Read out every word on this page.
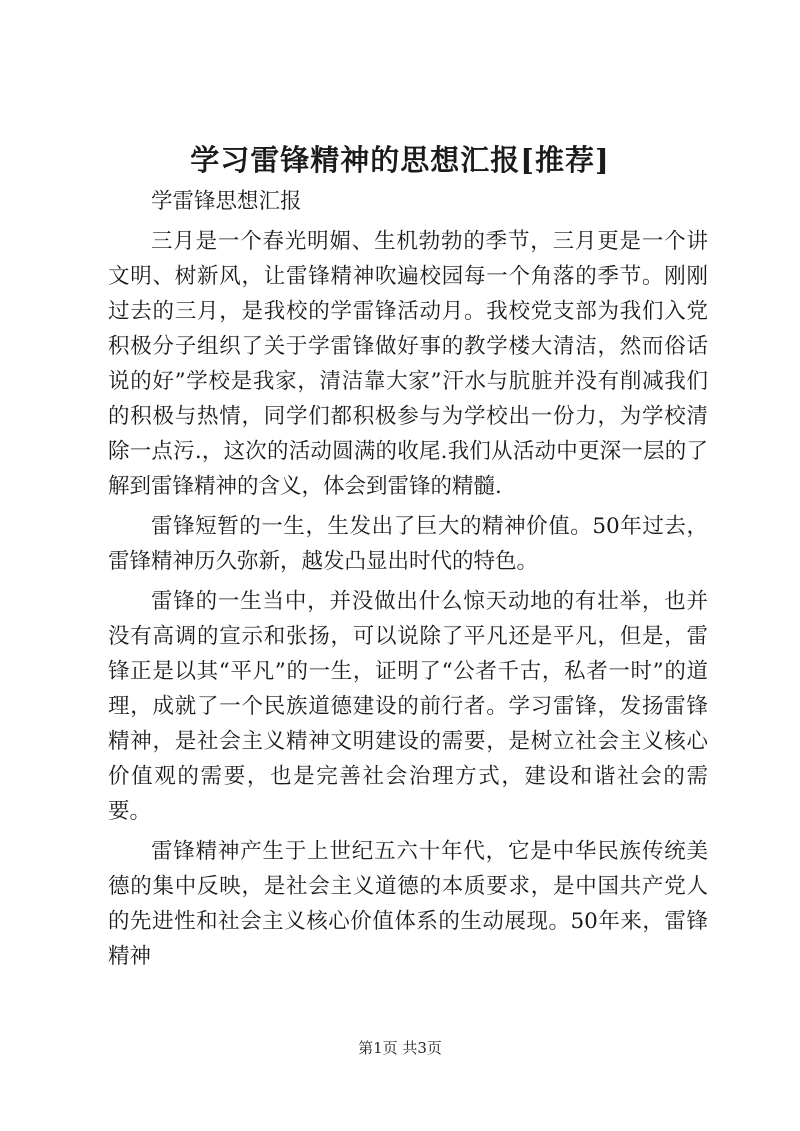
学习雷锋精神的思想汇报[推荐]

学雷锋思想汇报

三月是一个春光明媚、生机勃勃的季节，三月更是一个讲文明、树新风，让雷锋精神吹遍校园每一个角落的季节。刚刚过去的三月，是我校的学雷锋活动月。我校党支部为我们入党积极分子组织了关于学雷锋做好事的教学楼大清洁，然而俗话说的好”学校是我家，清洁靠大家”汗水与肮脏并没有削减我们的积极与热情，同学们都积极参与为学校出一份力，为学校清除一点污.，这次的活动圆满的收尾.我们从活动中更深一层的了解到雷锋精神的含义，体会到雷锋的精髓.

雷锋短暂的一生，生发出了巨大的精神价值。50年过去，雷锋精神历久弥新，越发凸显出时代的特色。

雷锋的一生当中，并没做出什么惊天动地的有壮举，也并没有高调的宣示和张扬，可以说除了平凡还是平凡，但是，雷锋正是以其“平凡”的一生，证明了“公者千古，私者一时”的道理，成就了一个民族道德建设的前行者。学习雷锋，发扬雷锋精神，是社会主义精神文明建设的需要，是树立社会主义核心价值观的需要，也是完善社会治理方式，建设和谐社会的需要。

雷锋精神产生于上世纪五六十年代，它是中华民族传统美德的集中反映，是社会主义道德的本质要求，是中国共产党人的先进性和社会主义核心价值体系的生动展现。50年来，雷锋精神

第1页 共3页
